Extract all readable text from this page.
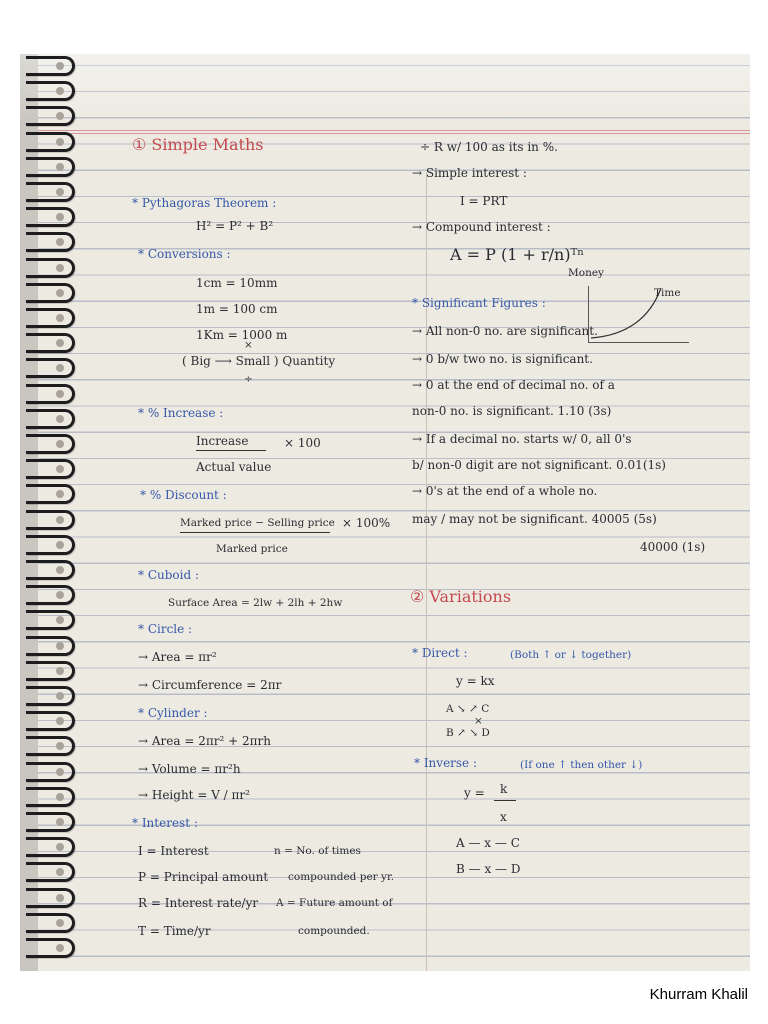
① Simple Maths
* Pythagoras Theorem :
H² = P² + B²
* Conversions :
1cm = 10mm
1m = 100 cm
1Km = 1000 m
×
( Big ⟶ Small ) Quantity
÷
* % Increase :
Increase	× 100
Actual value
* % Discount :
Marked price − Selling price × 100%
Marked price
* Cuboid :
Surface Area = 2lw + 2lh + 2hw
* Circle :
→ Area = πr²
→ Circumference = 2πr
* Cylinder :
→ Area = 2πr² + 2πrh
→ Volume = πr²h
→ Height = V / πr²
* Interest :
I = Interest	n = No. of times
P = Principal amount compounded per yr.
R = Interest rate/yr A = Future amount of
T = Time/yr	compounded.
÷ R w/ 100 as its in %.
→ Simple interest :
I = PRT
→ Compound interest :
A = P (1 + r/n)ᵀⁿ
Money
Time
* Significant Figures :
→ All non-0 no. are significant.
→ 0 b/w two no. is significant.
→ 0 at the end of decimal no. of a
non-0 no. is significant. 1.10 (3s)
→ If a decimal no. starts w/ 0, all 0's
b/ non-0 digit are not significant. 0.01(1s)
→ 0's at the end of a whole no.
may / may not be significant. 40005 (5s)
40000 (1s)
② Variations
* Direct :	(Both ↑ or ↓ together)
y = kx
A ↘ ↗ C
×
B ↗ ↘ D
* Inverse :	(If one ↑ then other ↓)
y = k
x
A — x — C
B — x — D
Khurram Khalil
